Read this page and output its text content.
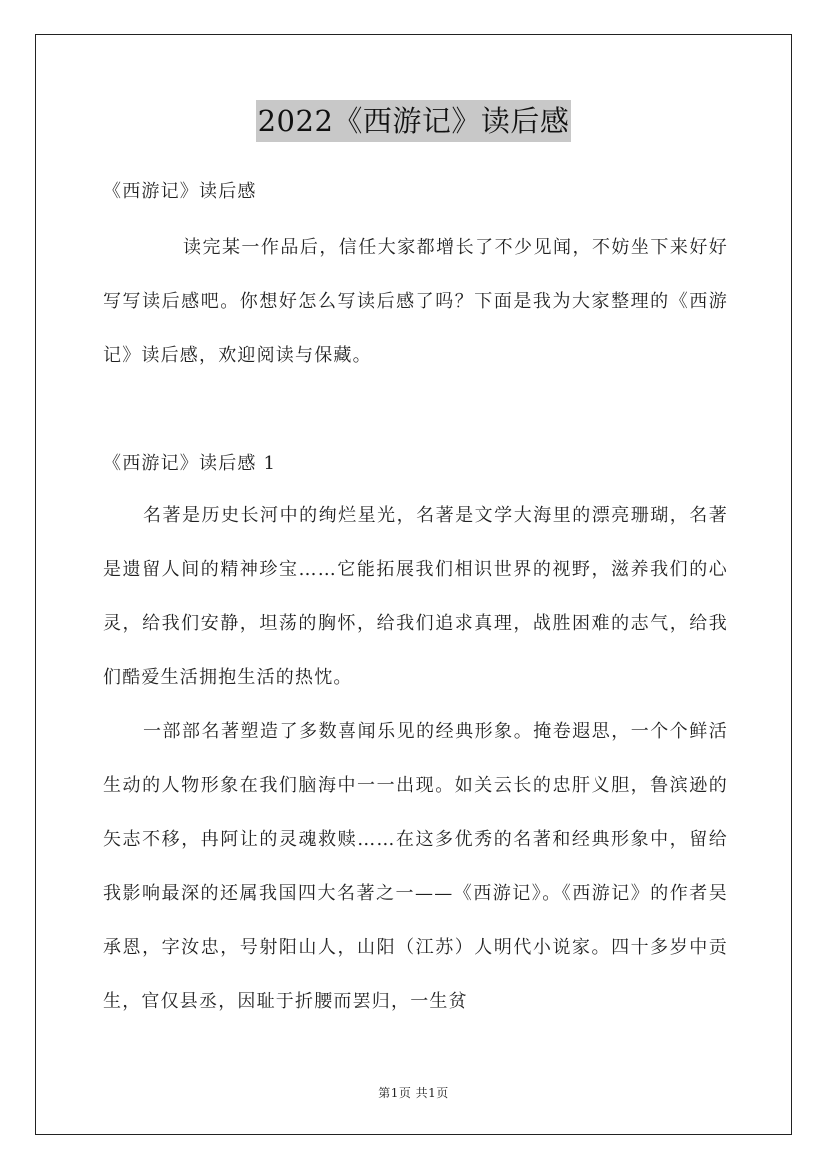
2022《西游记》读后感

《西游记》读后感

读完某一作品后，信任大家都增长了不少见闻，不妨坐下来好好写写读后感吧。你想好怎么写读后感了吗？下面是我为大家整理的《西游记》读后感，欢迎阅读与保藏。

《西游记》读后感 1

名著是历史长河中的绚烂星光，名著是文学大海里的漂亮珊瑚，名著是遗留人间的精神珍宝……它能拓展我们相识世界的视野，滋养我们的心灵，给我们安静，坦荡的胸怀，给我们追求真理，战胜困难的志气，给我们酷爱生活拥抱生活的热忱。

一部部名著塑造了多数喜闻乐见的经典形象。掩卷遐思，一个个鲜活生动的人物形象在我们脑海中一一出现。如关云长的忠肝义胆，鲁滨逊的矢志不移，冉阿让的灵魂救赎……在这多优秀的名著和经典形象中，留给我影响最深的还属我国四大名著之一——《西游记》。《西游记》的作者吴承恩，字汝忠，号射阳山人，山阳（江苏）人明代小说家。四十多岁中贡生，官仅县丞，因耻于折腰而罢归，一生贫

第1页 共1页
